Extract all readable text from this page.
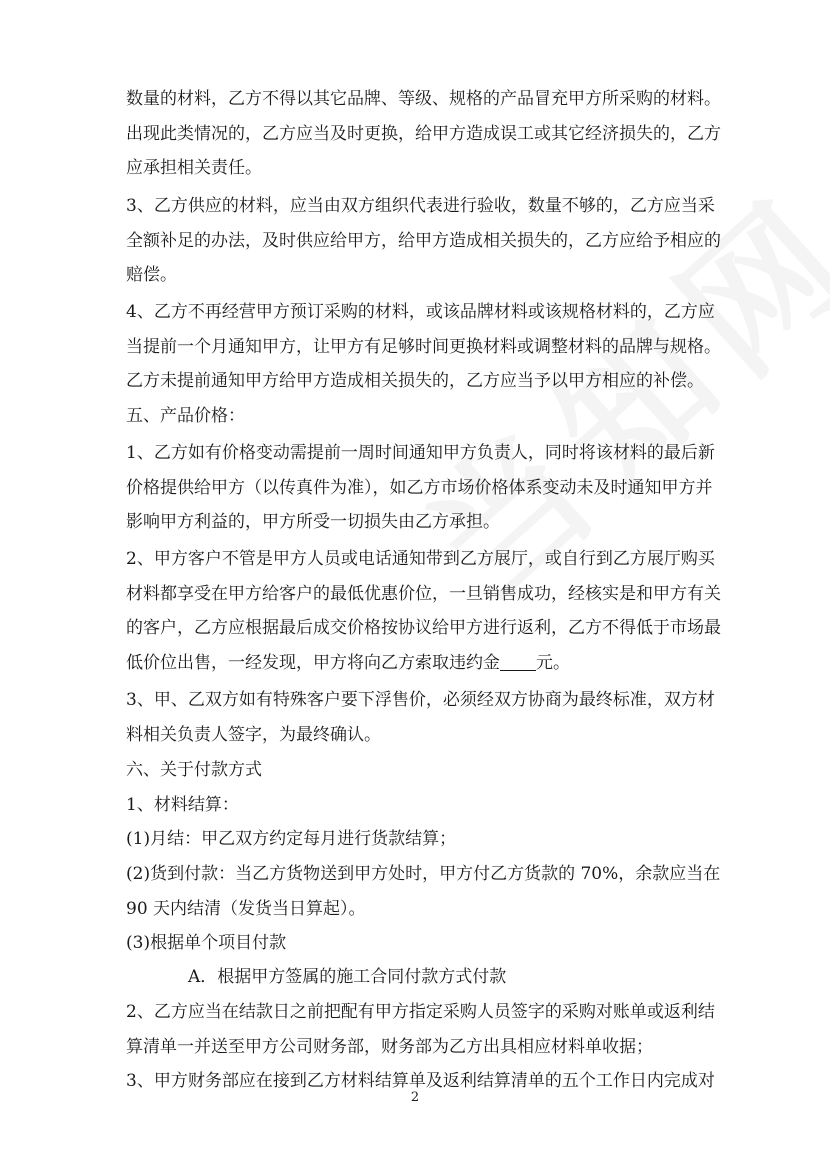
数量的材料，乙方不得以其它品牌、等级、规格的产品冒充甲方所采购的材料。
出现此类情况的，乙方应当及时更换，给甲方造成误工或其它经济损失的，乙方
应承担相关责任。
3、乙方供应的材料，应当由双方组织代表进行验收，数量不够的，乙方应当采
全额补足的办法，及时供应给甲方，给甲方造成相关损失的，乙方应给予相应的
赔偿。
4、乙方不再经营甲方预订采购的材料，或该品牌材料或该规格材料的，乙方应
当提前一个月通知甲方，让甲方有足够时间更换材料或调整材料的品牌与规格。
乙方未提前通知甲方给甲方造成相关损失的，乙方应当予以甲方相应的补偿。
五、产品价格：
1、乙方如有价格变动需提前一周时间通知甲方负责人，同时将该材料的最后新
价格提供给甲方（以传真件为准），如乙方市场价格体系变动未及时通知甲方并
影响甲方利益的，甲方所受一切损失由乙方承担。
2、甲方客户不管是甲方人员或电话通知带到乙方展厅，或自行到乙方展厅购买
材料都享受在甲方给客户的最低优惠价位，一旦销售成功，经核实是和甲方有关
的客户，乙方应根据最后成交价格按协议给甲方进行返利，乙方不得低于市场最
低价位出售，一经发现，甲方将向乙方索取违约金 元。
3、甲、乙双方如有特殊客户要下浮售价，必须经双方协商为最终标准，双方材
料相关负责人签字，为最终确认。
六、关于付款方式
1、材料结算：
(1)月结：甲乙双方约定每月进行货款结算；
(2)货到付款：当乙方货物送到甲方处时，甲方付乙方货款的 70%，余款应当在
90 天内结清（发货当日算起）。
(3)根据单个项目付款
A．根据甲方签属的施工合同付款方式付款
2、乙方应当在结款日之前把配有甲方指定采购人员签字的采购对账单或返利结
算清单一并送至甲方公司财务部，财务部为乙方出具相应材料单收据；
3、甲方财务部应在接到乙方材料结算单及返利结算清单的五个工作日内完成对
2
